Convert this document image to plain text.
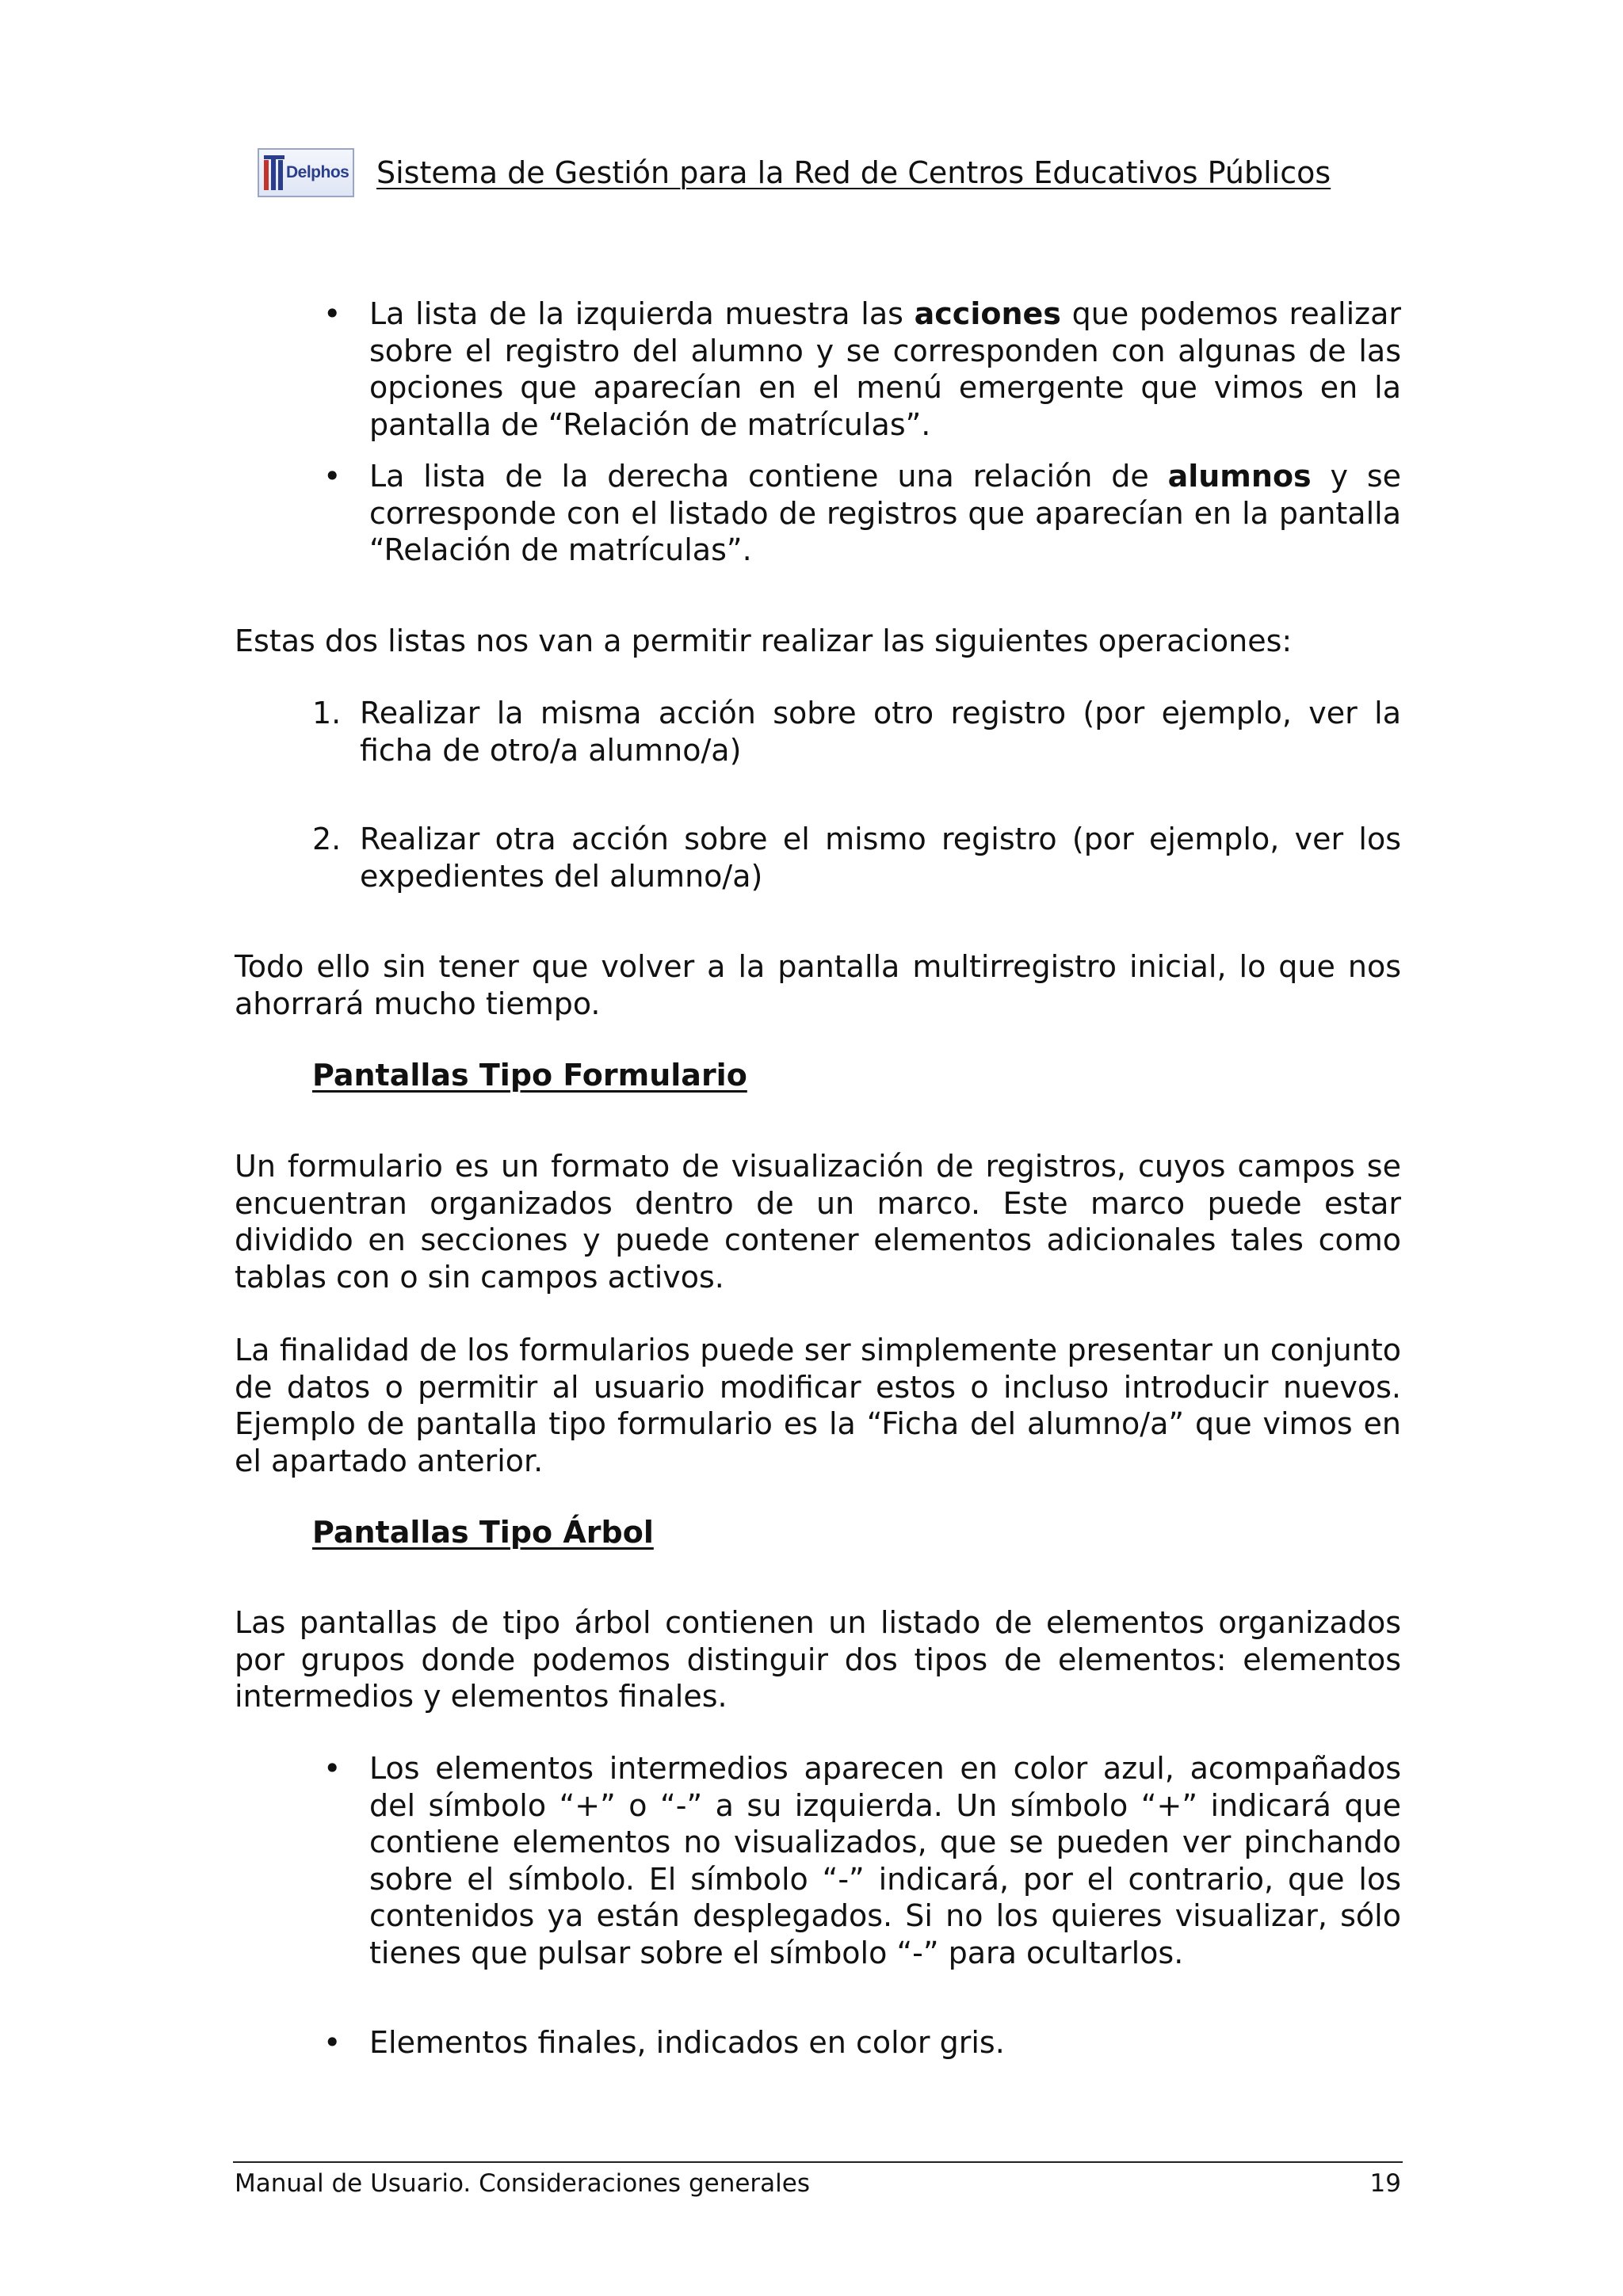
Delphos Sistema de Gestión para la Red de Centros Educativos Públicos
• La lista de la izquierda muestra las acciones que podemos realizar sobre el registro del alumno y se corresponden con algunas de las opciones que aparecían en el menú emergente que vimos en la pantalla de “Relación de matrículas”.

• La lista de la derecha contiene una relación de alumnos y se corresponde con el listado de registros que aparecían en la pantalla “Relación de matrículas”.

Estas dos listas nos van a permitir realizar las siguientes operaciones:

1. Realizar la misma acción sobre otro registro (por ejemplo, ver la ficha de otro/a alumno/a)

2. Realizar otra acción sobre el mismo registro (por ejemplo, ver los expedientes del alumno/a)

Todo ello sin tener que volver a la pantalla multirregistro inicial, lo que nos ahorrará mucho tiempo.

Pantallas Tipo Formulario

Un formulario es un formato de visualización de registros, cuyos campos se encuentran organizados dentro de un marco. Este marco puede estar dividido en secciones y puede contener elementos adicionales tales como tablas con o sin campos activos.

La finalidad de los formularios puede ser simplemente presentar un conjunto de datos o permitir al usuario modificar estos o incluso introducir nuevos. Ejemplo de pantalla tipo formulario es la “Ficha del alumno/a” que vimos en el apartado anterior.

Pantallas Tipo Árbol

Las pantallas de tipo árbol contienen un listado de elementos organizados por grupos donde podemos distinguir dos tipos de elementos: elementos intermedios y elementos finales.

• Los elementos intermedios aparecen en color azul, acompañados del símbolo “+” o “-” a su izquierda. Un símbolo “+” indicará que contiene elementos no visualizados, que se pueden ver pinchando sobre el símbolo. El símbolo “-” indicará, por el contrario, que los contenidos ya están desplegados. Si no los quieres visualizar, sólo tienes que pulsar sobre el símbolo “-” para ocultarlos.

• Elementos finales, indicados en color gris.

Manual de Usuario. Consideraciones generales	19
